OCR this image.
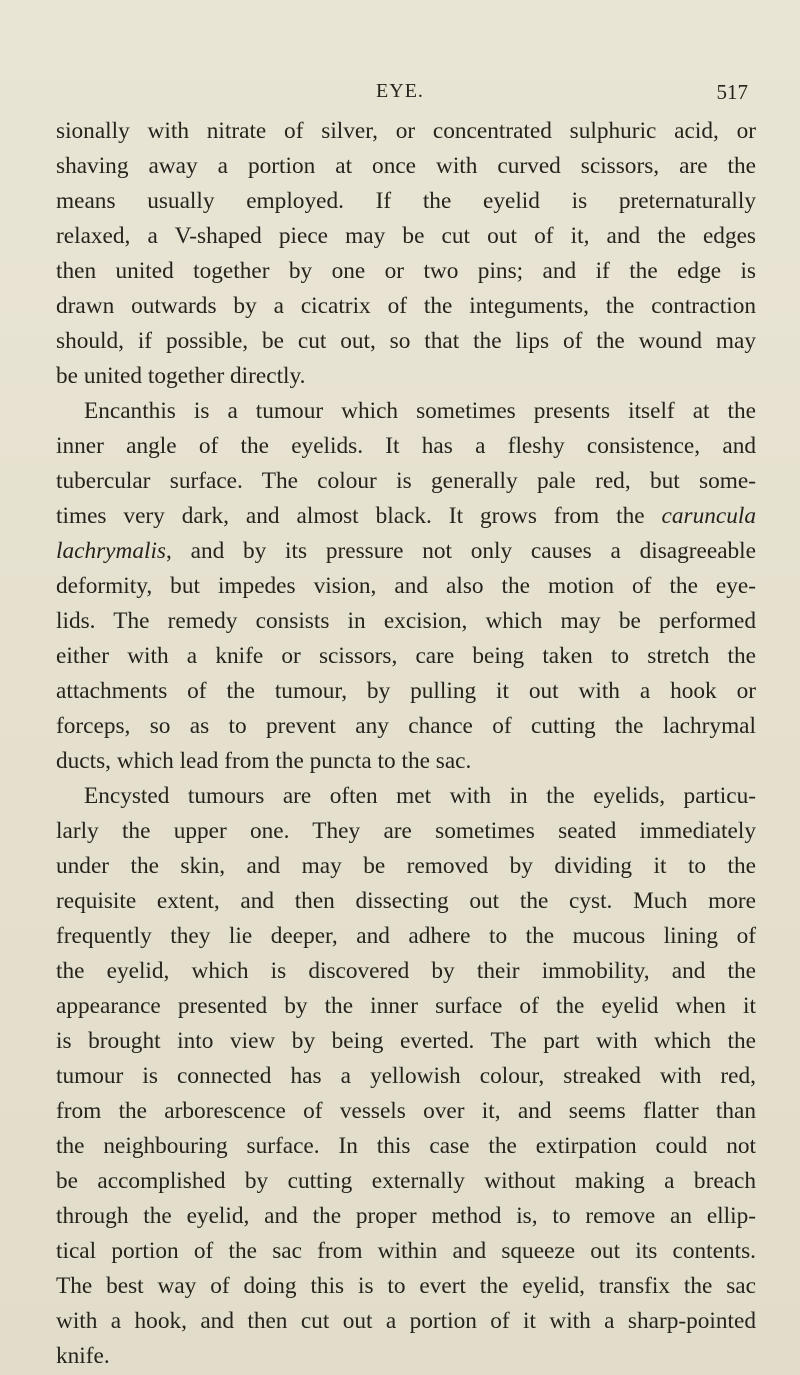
EYE.	517
sionally with nitrate of silver, or concentrated sulphuric acid, or
shaving away a portion at once with curved scissors, are the
means usually employed. If the eyelid is preternaturally
relaxed, a V-shaped piece may be cut out of it, and the edges
then united together by one or two pins; and if the edge is
drawn outwards by a cicatrix of the integuments, the contraction
should, if possible, be cut out, so that the lips of the wound may
be united together directly.
Encanthis is a tumour which sometimes presents itself at the
inner angle of the eyelids. It has a fleshy consistence, and
tubercular surface. The colour is generally pale red, but some-
times very dark, and almost black. It grows from the caruncula
lachrymalis, and by its pressure not only causes a disagreeable
deformity, but impedes vision, and also the motion of the eye-
lids. The remedy consists in excision, which may be performed
either with a knife or scissors, care being taken to stretch the
attachments of the tumour, by pulling it out with a hook or
forceps, so as to prevent any chance of cutting the lachrymal
ducts, which lead from the puncta to the sac.
Encysted tumours are often met with in the eyelids, particu-
larly the upper one. They are sometimes seated immediately
under the skin, and may be removed by dividing it to the
requisite extent, and then dissecting out the cyst. Much more
frequently they lie deeper, and adhere to the mucous lining of
the eyelid, which is discovered by their immobility, and the
appearance presented by the inner surface of the eyelid when it
is brought into view by being everted. The part with which the
tumour is connected has a yellowish colour, streaked with red,
from the arborescence of vessels over it, and seems flatter than
the neighbouring surface. In this case the extirpation could not
be accomplished by cutting externally without making a breach
through the eyelid, and the proper method is, to remove an ellip-
tical portion of the sac from within and squeeze out its contents.
The best way of doing this is to evert the eyelid, transfix the sac
with a hook, and then cut out a portion of it with a sharp-pointed
knife.
